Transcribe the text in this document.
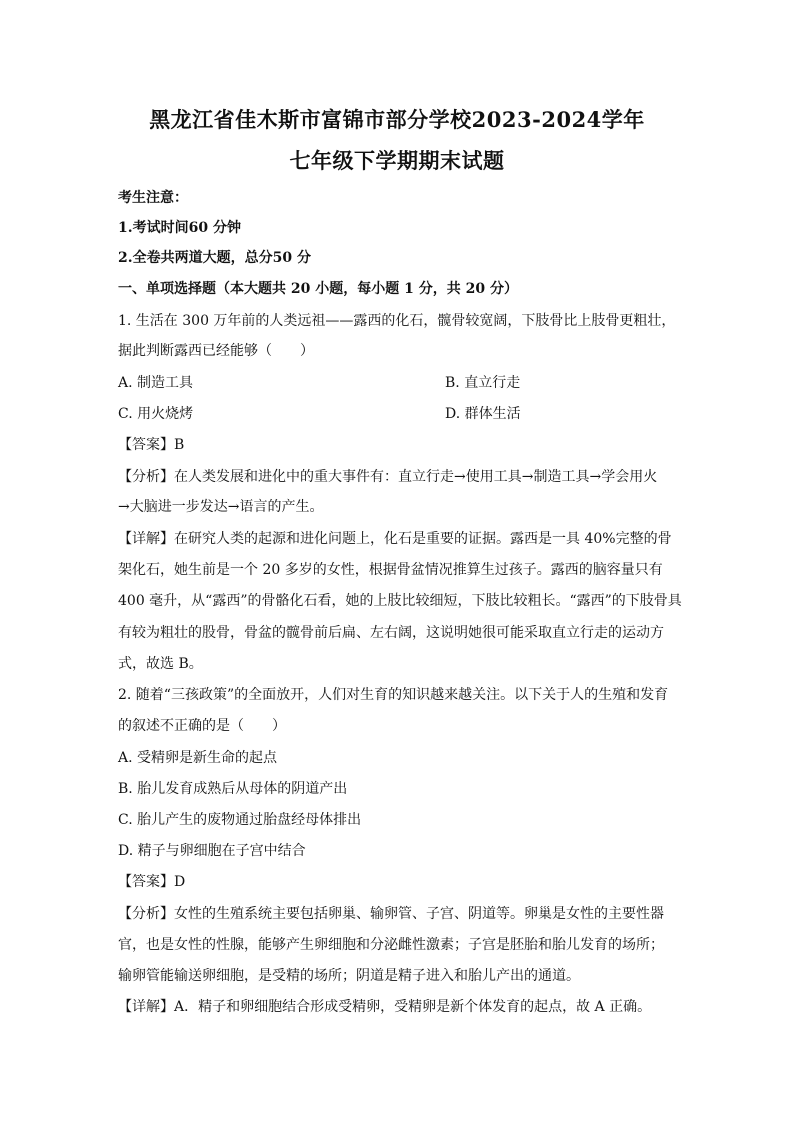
黑龙江省佳木斯市富锦市部分学校2023-2024学年
七年级下学期期末试题
考生注意：
1.考试时间60 分钟
2.全卷共两道大题，总分50 分
一、单项选择题（本大题共 20 小题，每小题 1 分，共 20 分）
1. 生活在 300 万年前的人类远祖——露西的化石，髋骨较宽阔，下肢骨比上肢骨更粗壮，
据此判断露西已经能够（　　）
A. 制造工具	B. 直立行走
C. 用火烧烤	D. 群体生活
【答案】B
【分析】在人类发展和进化中的重大事件有：直立行走→使用工具→制造工具→学会用火
→大脑进一步发达→语言的产生。
【详解】在研究人类的起源和进化问题上，化石是重要的证据。露西是一具 40%完整的骨
架化石，她生前是一个 20 多岁的女性，根据骨盆情况推算生过孩子。露西的脑容量只有
400 毫升，从“露西”的骨骼化石看，她的上肢比较细短，下肢比较粗长。“露西”的下肢骨具
有较为粗壮的股骨，骨盆的髋骨前后扁、左右阔，这说明她很可能采取直立行走的运动方
式，故选 B。
2. 随着“三孩政策”的全面放开，人们对生育的知识越来越关注。以下关于人的生殖和发育
的叙述不正确的是（　　）
A. 受精卵是新生命的起点
B. 胎儿发育成熟后从母体的阴道产出
C. 胎儿产生的废物通过胎盘经母体排出
D. 精子与卵细胞在子宫中结合
【答案】D
【分析】女性的生殖系统主要包括卵巢、输卵管、子宫、阴道等。卵巢是女性的主要性器
官，也是女性的性腺，能够产生卵细胞和分泌雌性激素；子宫是胚胎和胎儿发育的场所；
输卵管能输送卵细胞，是受精的场所；阴道是精子进入和胎儿产出的通道。
【详解】A．精子和卵细胞结合形成受精卵，受精卵是新个体发育的起点，故 A 正确。
